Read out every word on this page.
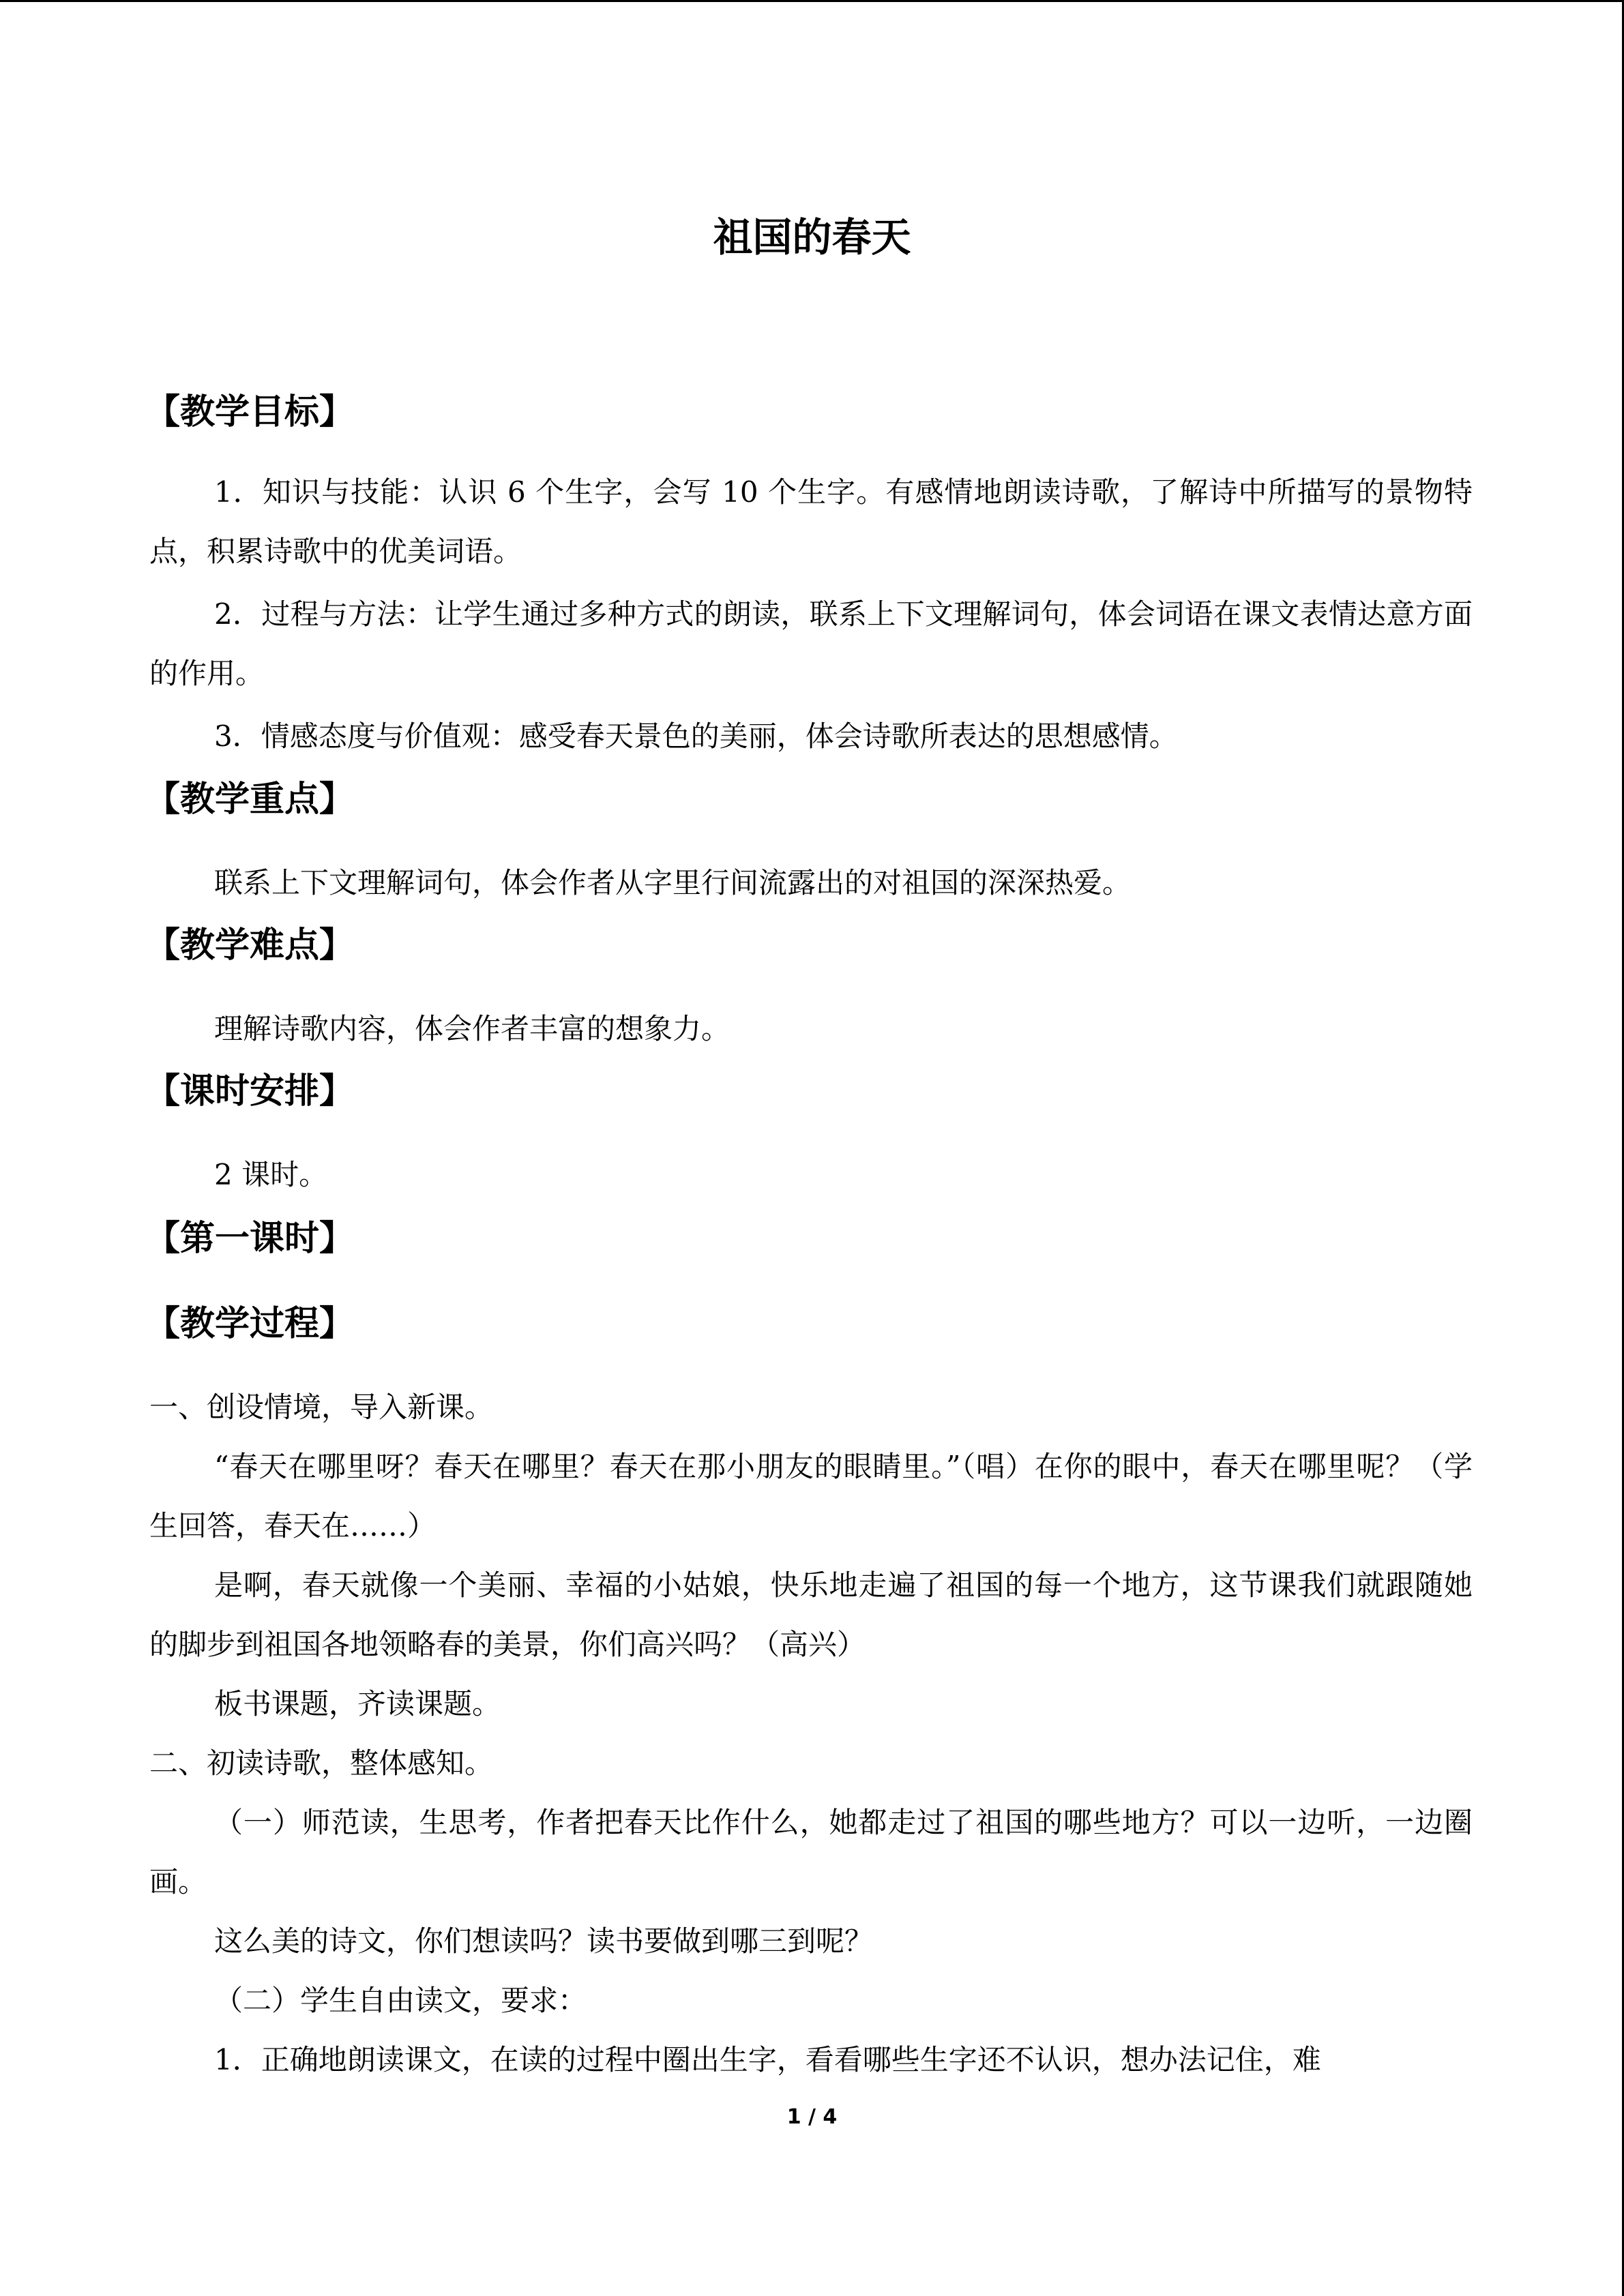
祖国的春天
【教学目标】
1．知识与技能：认识 6 个生字，会写 10 个生字。有感情地朗读诗歌，了解诗中所描写的景物特点，积累诗歌中的优美词语。
2．过程与方法：让学生通过多种方式的朗读，联系上下文理解词句，体会词语在课文表情达意方面的作用。
3．情感态度与价值观：感受春天景色的美丽，体会诗歌所表达的思想感情。
【教学重点】
联系上下文理解词句，体会作者从字里行间流露出的对祖国的深深热爱。
【教学难点】
理解诗歌内容，体会作者丰富的想象力。
【课时安排】
2 课时。
【第一课时】
【教学过程】
一、创设情境，导入新课。
“春天在哪里呀？春天在哪里？春天在那小朋友的眼睛里。”（唱）在你的眼中，春天在哪里呢？（学生回答，春天在……）
是啊，春天就像一个美丽、幸福的小姑娘，快乐地走遍了祖国的每一个地方，这节课我们就跟随她的脚步到祖国各地领略春的美景，你们高兴吗？（高兴）
板书课题，齐读课题。
二、初读诗歌，整体感知。
（一）师范读，生思考，作者把春天比作什么，她都走过了祖国的哪些地方？可以一边听，一边圈画。
这么美的诗文，你们想读吗？读书要做到哪三到呢？
（二）学生自由读文，要求：
1．正确地朗读课文，在读的过程中圈出生字，看看哪些生字还不认识，想办法记住，难
1 / 4
